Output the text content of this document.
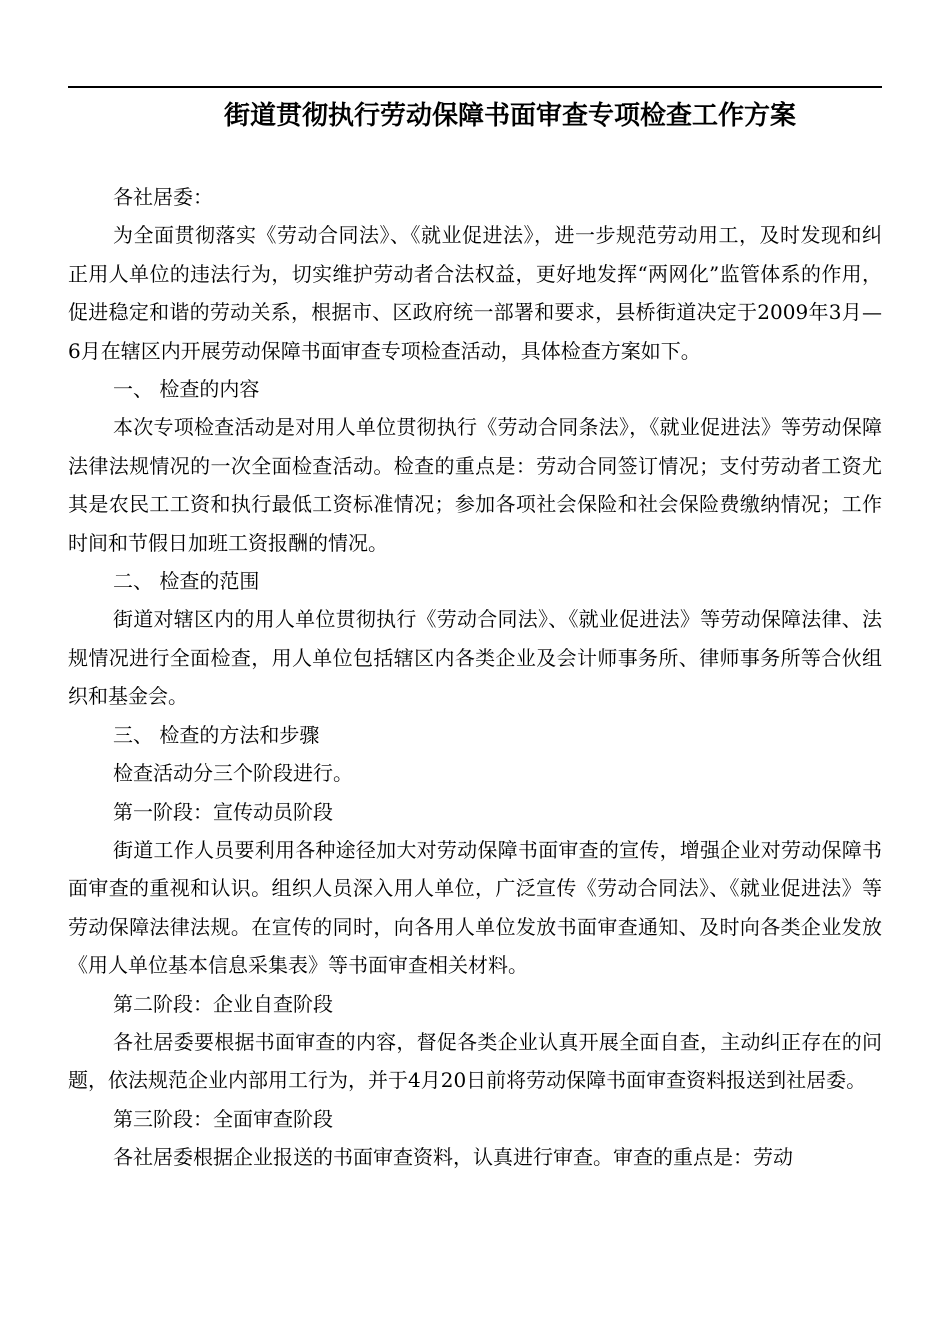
街道贯彻执行劳动保障书面审查专项检查工作方案

各社居委：

为全面贯彻落实《劳动合同法》、《就业促进法》，进一步规范劳动用工，及时发现和纠正用人单位的违法行为，切实维护劳动者合法权益，更好地发挥“两网化”监管体系的作用，促进稳定和谐的劳动关系，根据市、区政府统一部署和要求，县桥街道决定于2009年3月—6月在辖区内开展劳动保障书面审查专项检查活动，具体检查方案如下。

一、 检查的内容

本次专项检查活动是对用人单位贯彻执行《劳动合同条法》，《就业促进法》等劳动保障法律法规情况的一次全面检查活动。检查的重点是：劳动合同签订情况；支付劳动者工资尤其是农民工工资和执行最低工资标准情况；参加各项社会保险和社会保险费缴纳情况；工作时间和节假日加班工资报酬的情况。

二、 检查的范围

街道对辖区内的用人单位贯彻执行《劳动合同法》、《就业促进法》等劳动保障法律、法规情况进行全面检查，用人单位包括辖区内各类企业及会计师事务所、律师事务所等合伙组织和基金会。

三、 检查的方法和步骤

检查活动分三个阶段进行。

第一阶段：宣传动员阶段

街道工作人员要利用各种途径加大对劳动保障书面审查的宣传，增强企业对劳动保障书面审查的重视和认识。组织人员深入用人单位，广泛宣传《劳动合同法》、《就业促进法》等劳动保障法律法规。在宣传的同时，向各用人单位发放书面审查通知、及时向各类企业发放《用人单位基本信息采集表》等书面审查相关材料。

第二阶段：企业自查阶段

各社居委要根据书面审查的内容，督促各类企业认真开展全面自查，主动纠正存在的问题，依法规范企业内部用工行为，并于4月20日前将劳动保障书面审查资料报送到社居委。

第三阶段：全面审查阶段

各社居委根据企业报送的书面审查资料，认真进行审查。审查的重点是：劳动
